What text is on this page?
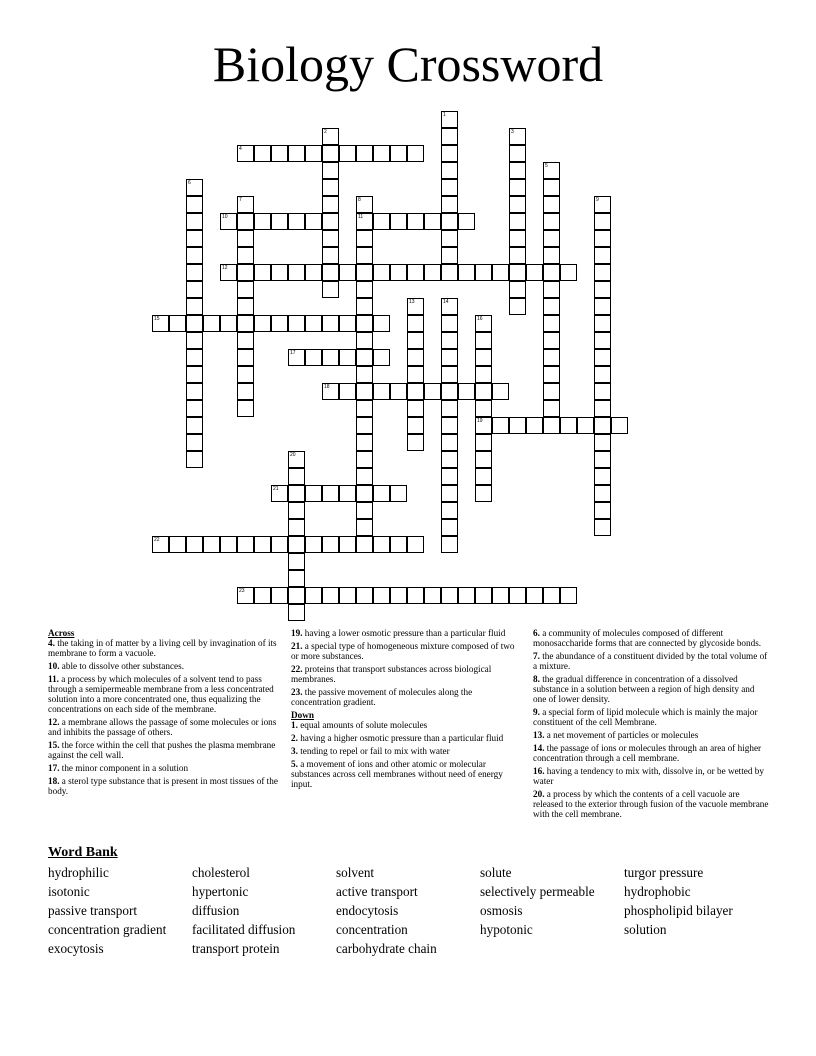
Biology Crossword
1
2	3
4
5
6
7	8
11
9
10
12
13	14
15	16
19
17
18
20
21
22
23
Across
4. the taking in of matter by a living cell by invagination of its membrane to form a vacuole.
10. able to dissolve other substances.
11. a process by which molecules of a solvent tend to pass through a semipermeable membrane from a less concentrated solution into a more concentrated one, thus equalizing the concentrations on each side of the membrane.
12. a membrane allows the passage of some molecules or ions and inhibits the passage of others.
15. the force within the cell that pushes the plasma membrane against the cell wall.
17. the minor component in a solution
18. a sterol type substance that is present in most tissues of the body.
19. having a lower osmotic pressure than a particular fluid
21. a special type of homogeneous mixture composed of two or more substances.
22. proteins that transport substances across biological membranes.
23. the passive movement of molecules along the concentration gradient.
Down
1. equal amounts of solute molecules
2. having a higher osmotic pressure than a particular fluid
3. tending to repel or fail to mix with water
5. a movement of ions and other atomic or molecular substances across cell membranes without need of energy input.
6. a community of molecules composed of different monosaccharide forms that are connected by glycoside bonds.
7. the abundance of a constituent divided by the total volume of a mixture.
8. the gradual difference in concentration of a dissolved substance in a solution between a region of high density and one of lower density.
9. a special form of lipid molecule which is mainly the major constituent of the cell Membrane.
13. a net movement of particles or molecules
14. the passage of ions or molecules through an area of higher concentration through a cell membrane.
16. having a tendency to mix with, dissolve in, or be wetted by water
20. a process by which the contents of a cell vacuole are released to the exterior through fusion of the vacuole membrane with the cell membrane.
Word Bank
hydrophilic	cholesterol	solvent	solute	turgor pressure
isotonic	hypertonic	active transport	selectively permeable	hydrophobic
passive transport	diffusion	endocytosis	osmosis	phospholipid bilayer
concentration gradient	facilitated diffusion	concentration	hypotonic	solution
exocytosis	transport protein	carbohydrate chain
